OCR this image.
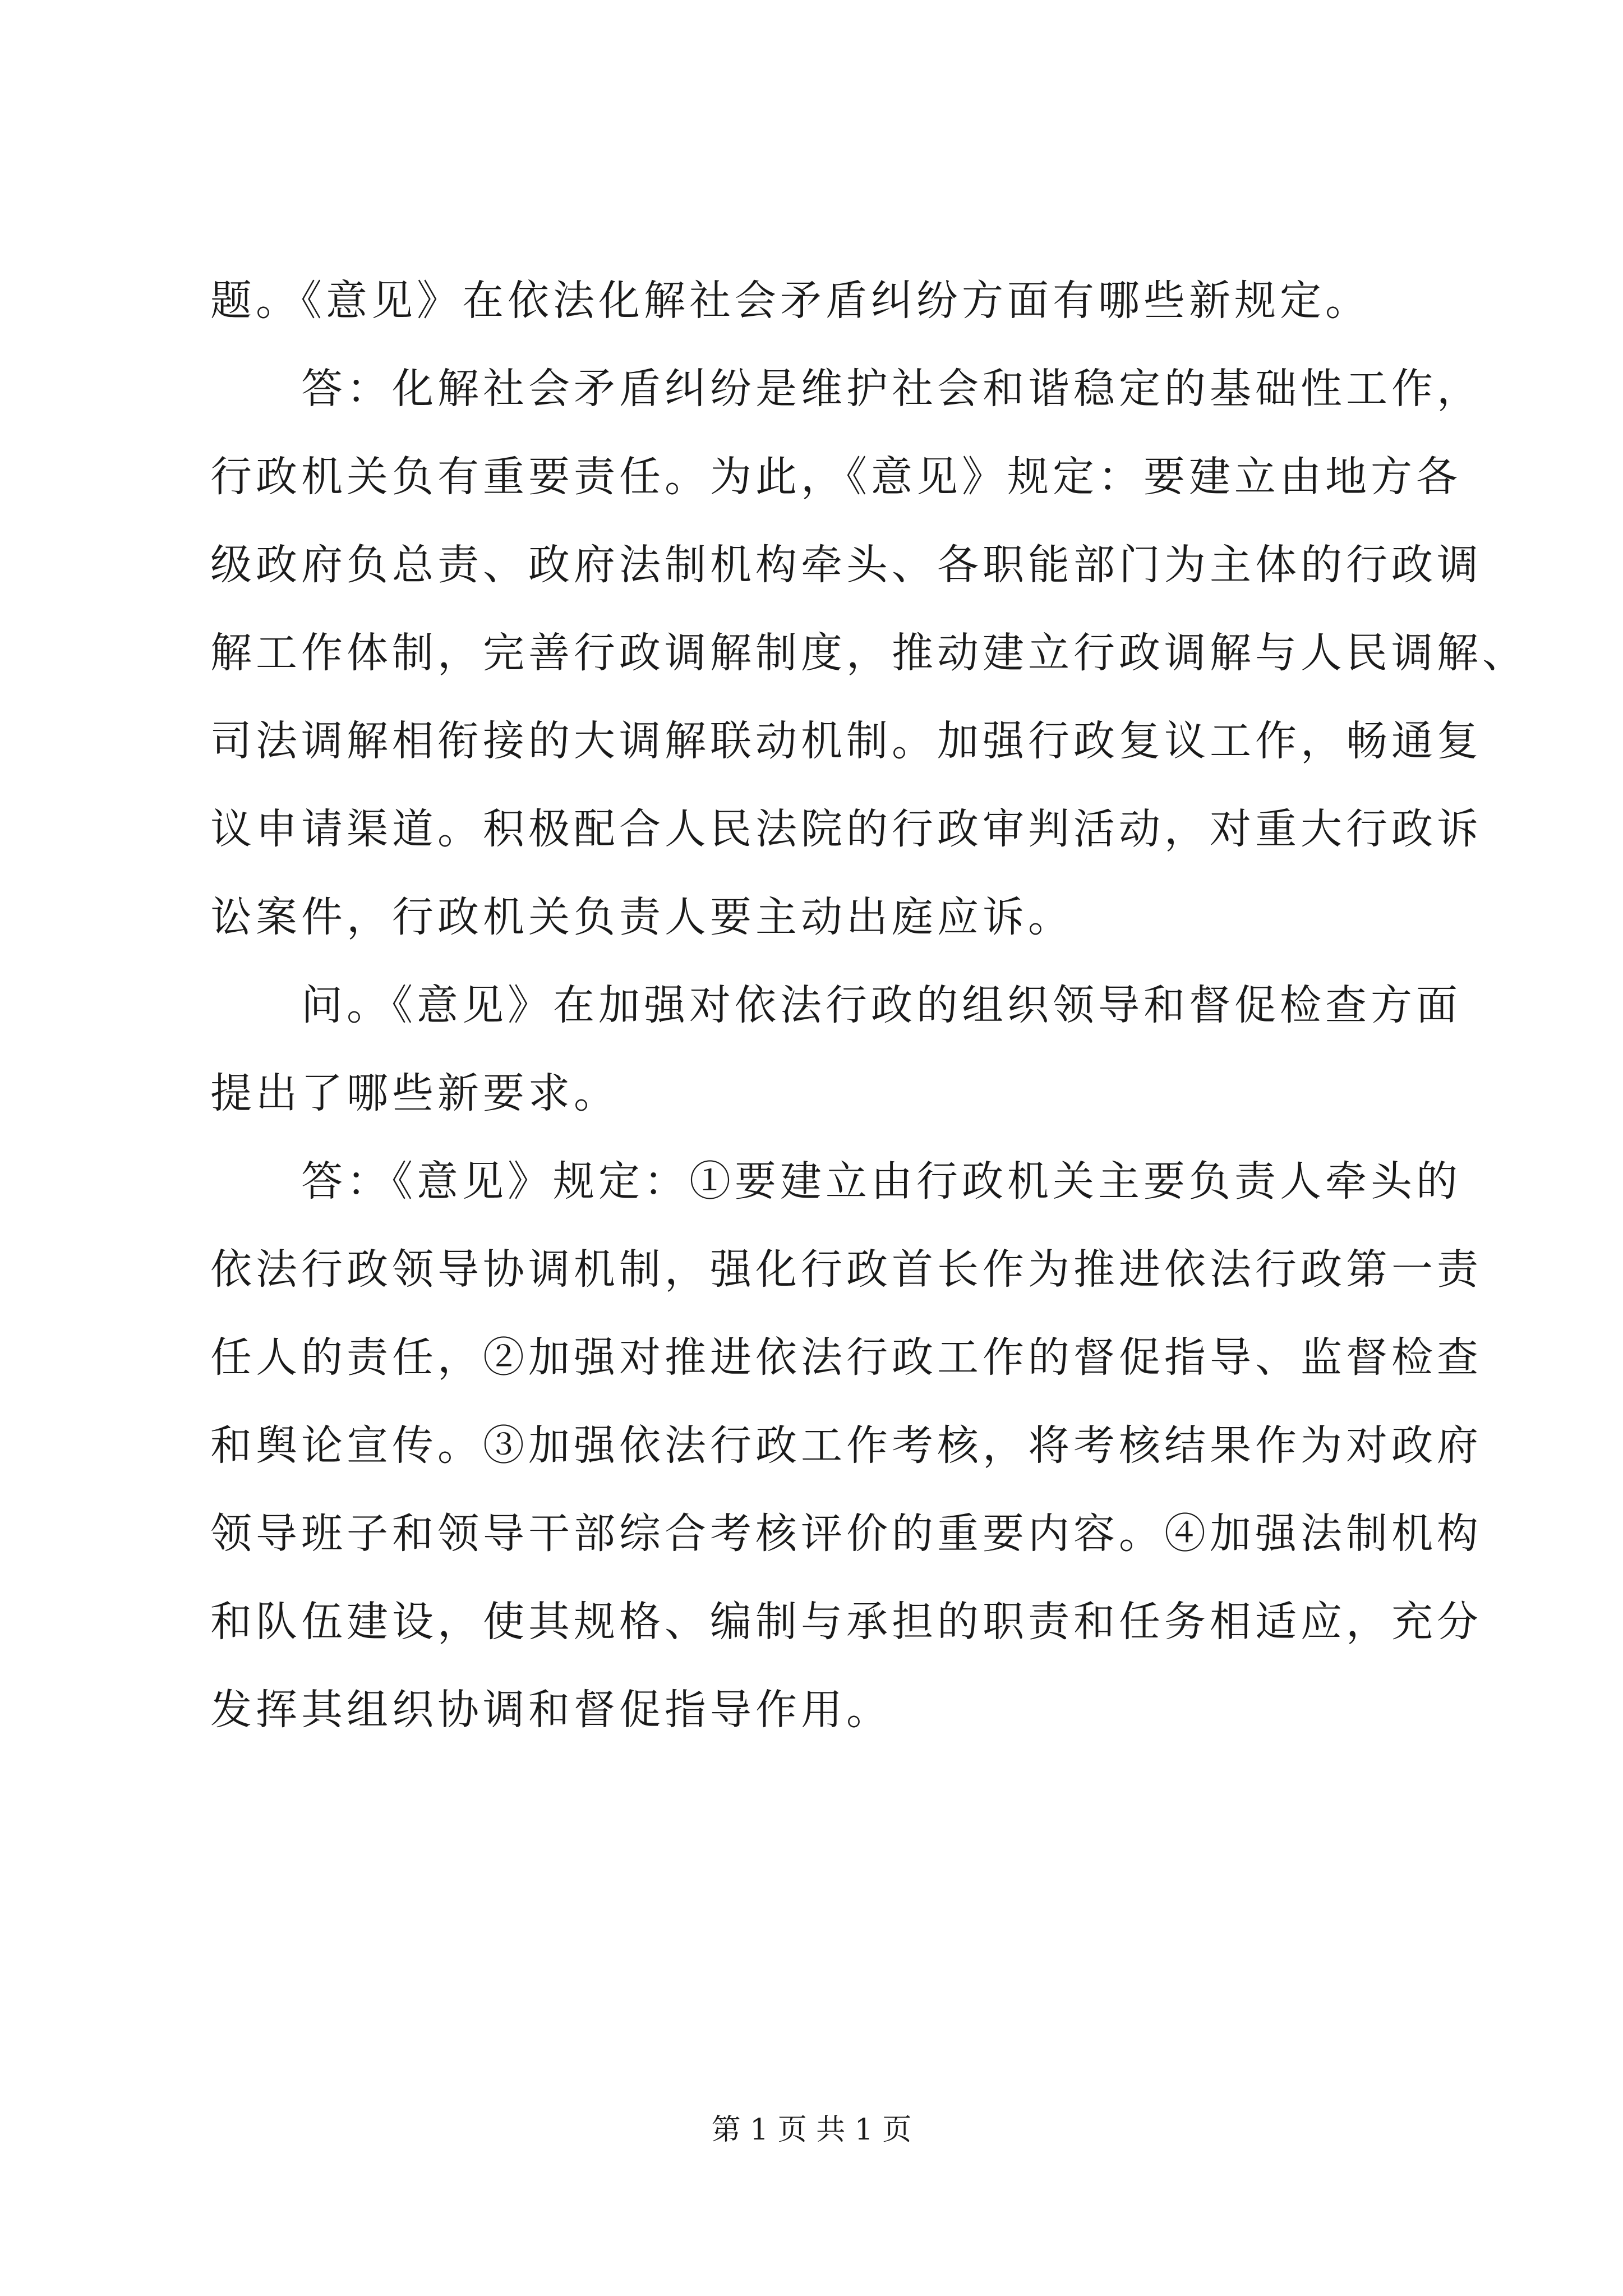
题。《意见》在依法化解社会矛盾纠纷方面有哪些新规定。
答：化解社会矛盾纠纷是维护社会和谐稳定的基础性工作，
行政机关负有重要责任。为此，《意见》规定：要建立由地方各
级政府负总责、政府法制机构牵头、各职能部门为主体的行政调
解工作体制，完善行政调解制度，推动建立行政调解与人民调解、
司法调解相衔接的大调解联动机制。加强行政复议工作，畅通复
议申请渠道。积极配合人民法院的行政审判活动，对重大行政诉
讼案件，行政机关负责人要主动出庭应诉。
问。《意见》在加强对依法行政的组织领导和督促检查方面
提出了哪些新要求。
答：《意见》规定：①要建立由行政机关主要负责人牵头的
依法行政领导协调机制，强化行政首长作为推进依法行政第一责
任人的责任，②加强对推进依法行政工作的督促指导、监督检查
和舆论宣传。③加强依法行政工作考核，将考核结果作为对政府
领导班子和领导干部综合考核评价的重要内容。④加强法制机构
和队伍建设，使其规格、编制与承担的职责和任务相适应，充分
发挥其组织协调和督促指导作用。
第 1 页 共 1 页
